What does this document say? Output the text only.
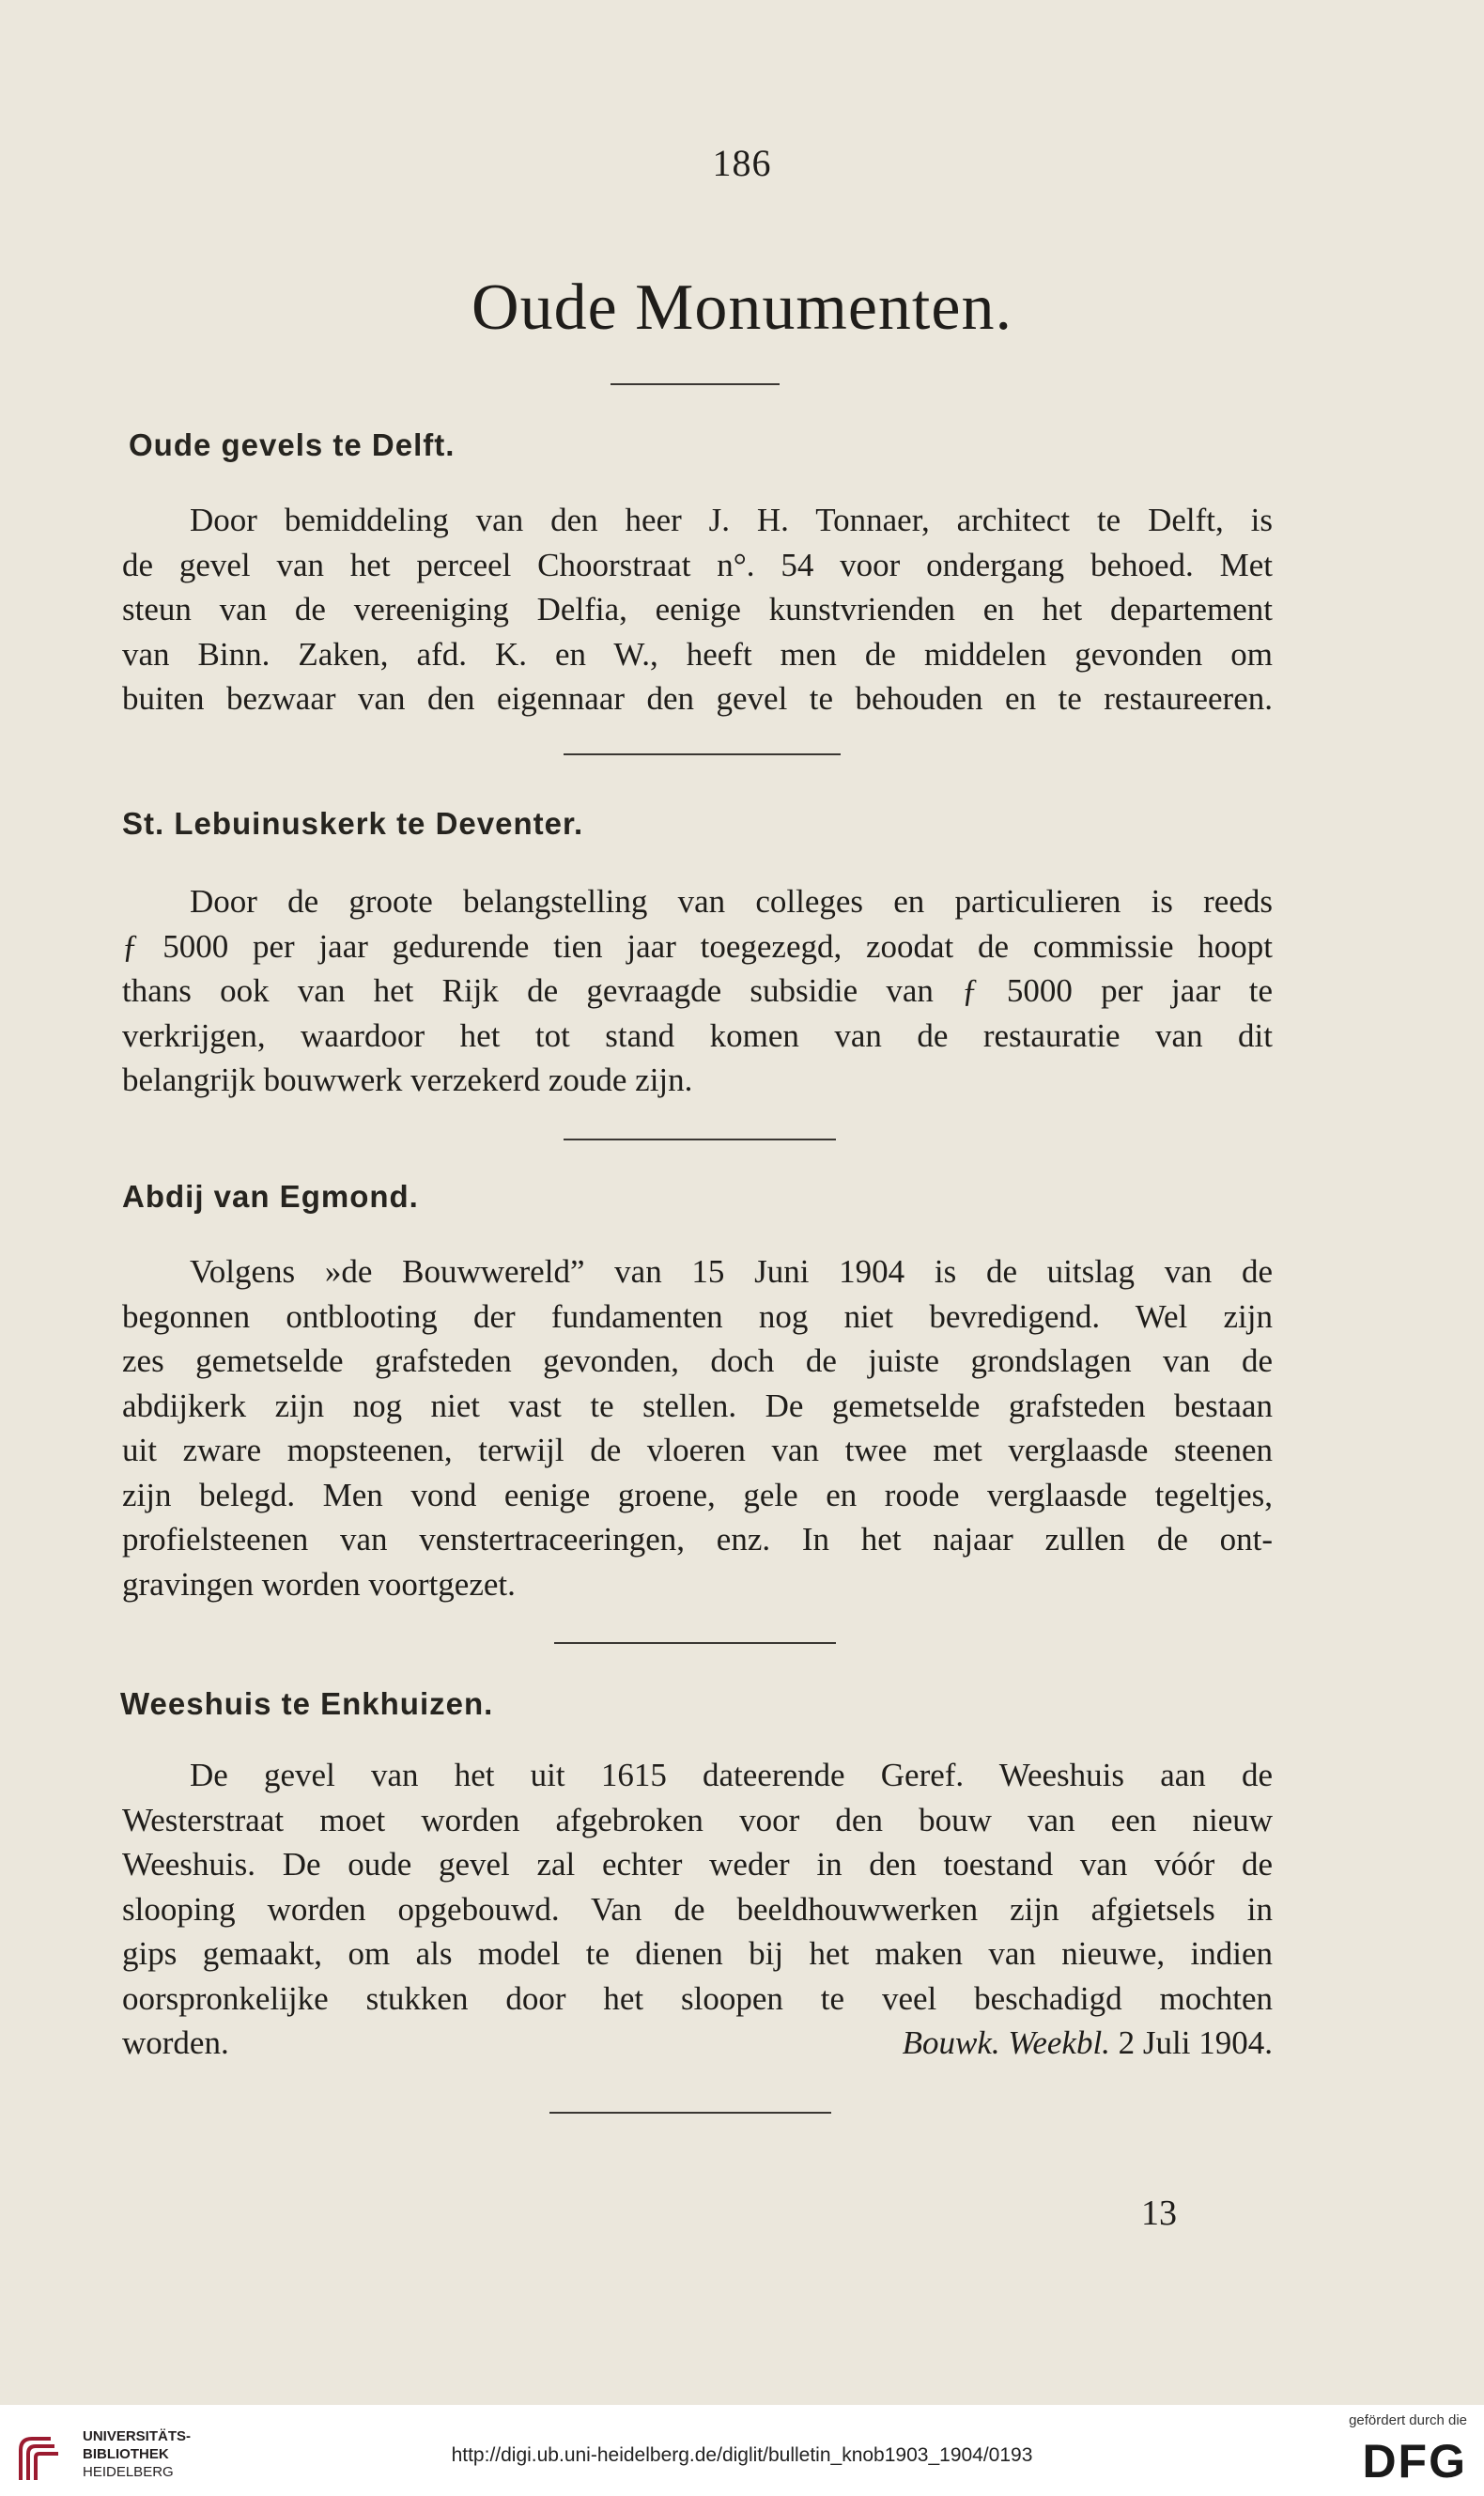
186
Oude Monumenten.
Oude gevels te Delft.
Door bemiddeling van den heer J. H. Tonnaer, architect te Delft, is
de gevel van het perceel Choorstraat n°. 54 voor ondergang behoed. Met
steun van de vereeniging Delfia, eenige kunstvrienden en het departement
van Binn. Zaken, afd. K. en W., heeft men de middelen gevonden om
buiten bezwaar van den eigennaar den gevel te behouden en te restaureeren.
St. Lebuinuskerk te Deventer.
Door de groote belangstelling van colleges en particulieren is reeds
ƒ 5000 per jaar gedurende tien jaar toegezegd, zoodat de commissie hoopt
thans ook van het Rijk de gevraagde subsidie van ƒ 5000 per jaar te
verkrijgen, waardoor het tot stand komen van de restauratie van dit
belangrijk bouwwerk verzekerd zoude zijn.
Abdij van Egmond.
Volgens »de Bouwwereld” van 15 Juni 1904 is de uitslag van de
begonnen ontblooting der fundamenten nog niet bevredigend. Wel zijn
zes gemetselde grafsteden gevonden, doch de juiste grondslagen van de
abdijkerk zijn nog niet vast te stellen. De gemetselde grafsteden bestaan
uit zware mopsteenen, terwijl de vloeren van twee met verglaasde steenen
zijn belegd. Men vond eenige groene, gele en roode verglaasde tegeltjes,
profielsteenen van venstertraceeringen, enz. In het najaar zullen de ont-
gravingen worden voortgezet.
Weeshuis te Enkhuizen.
De gevel van het uit 1615 dateerende Geref. Weeshuis aan de
Westerstraat moet worden afgebroken voor den bouw van een nieuw
Weeshuis. De oude gevel zal echter weder in den toestand van vóór de
slooping worden opgebouwd. Van de beeldhouwwerken zijn afgietsels in
gips gemaakt, om als model te dienen bij het maken van nieuwe, indien
oorspronkelijke stukken door het sloopen te veel beschadigd mochten
worden.	Bouwk. Weekbl. 2 Juli 1904.
13
UNIVERSITÄTS-
BIBLIOTHEK
HEIDELBERG
http://digi.ub.uni-heidelberg.de/diglit/bulletin_knob1903_1904/0193
gefördert durch die
DFG
